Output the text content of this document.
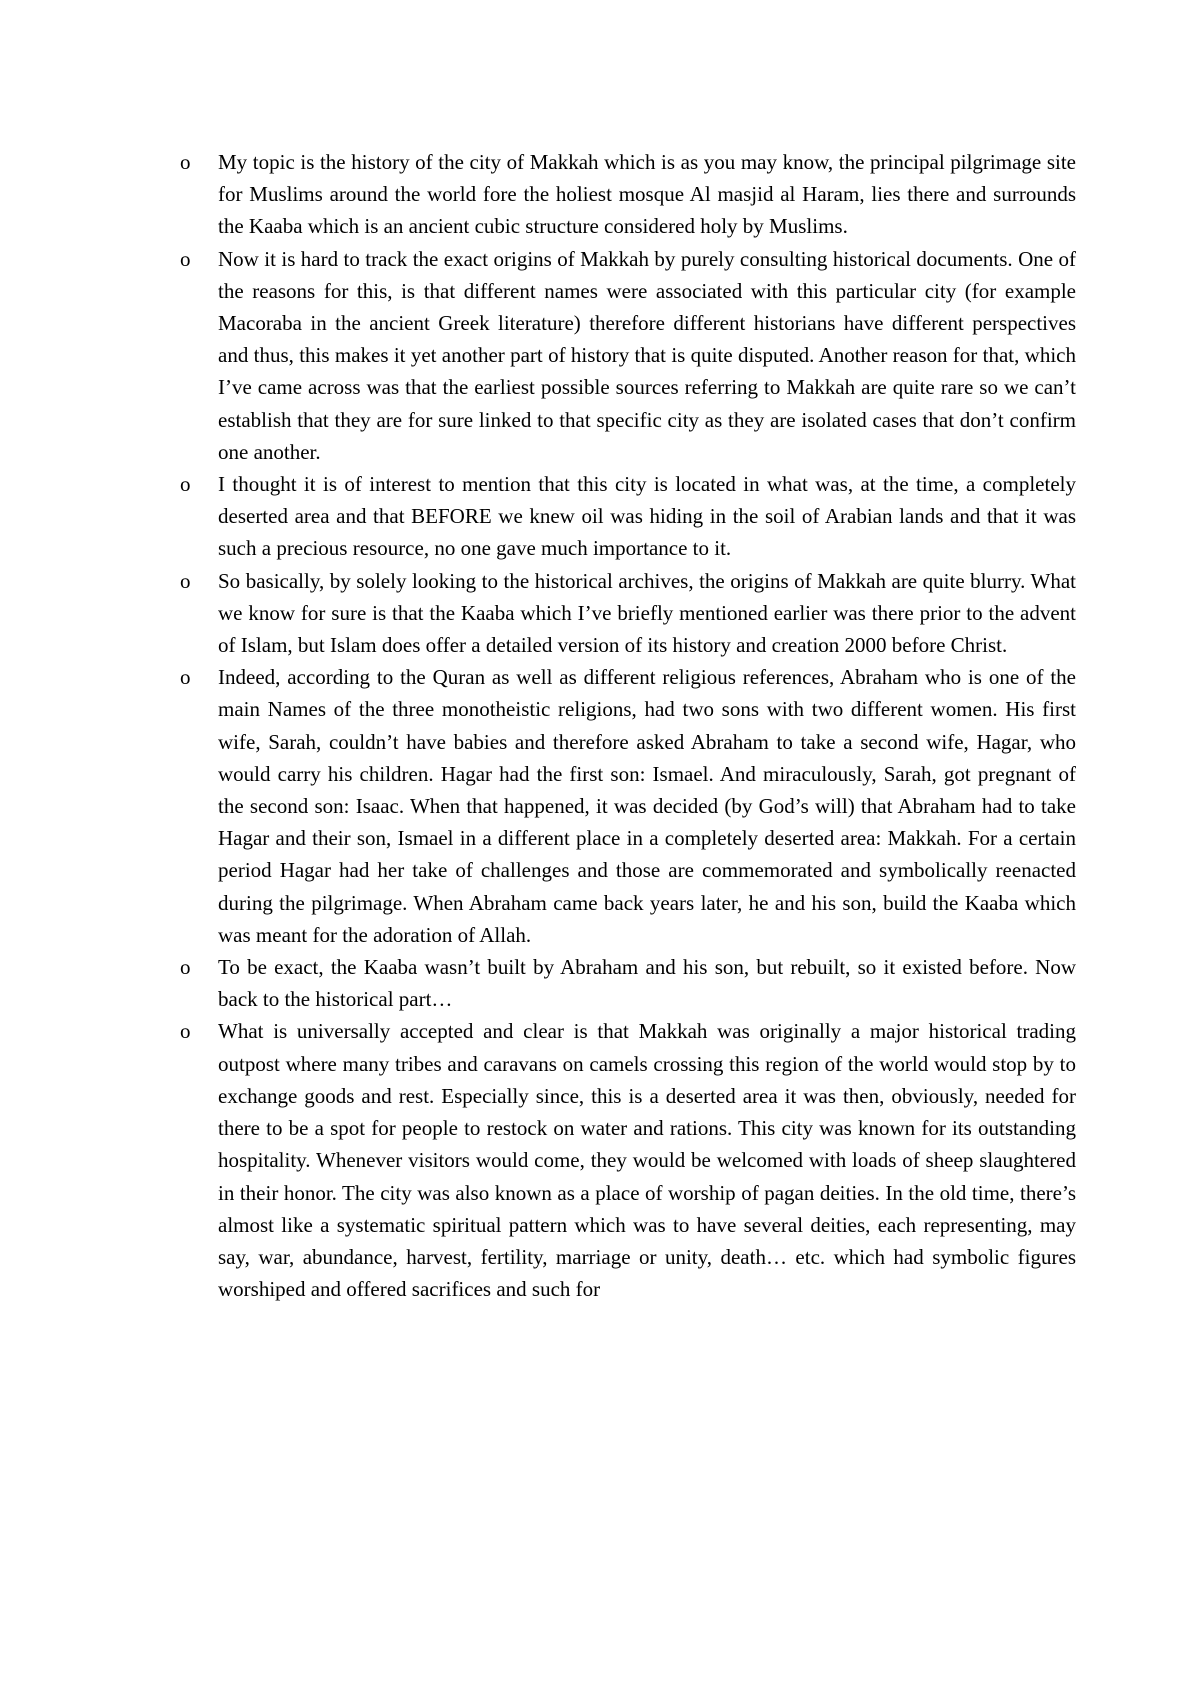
o My topic is the history of the city of Makkah which is as you may know, the principal pilgrimage site for Muslims around the world fore the holiest mosque Al masjid al Haram, lies there and surrounds the Kaaba which is an ancient cubic structure considered holy by Muslims.
o Now it is hard to track the exact origins of Makkah by purely consulting historical documents. One of the reasons for this, is that different names were associated with this particular city (for example Macoraba in the ancient Greek literature) therefore different historians have different perspectives and thus, this makes it yet another part of history that is quite disputed. Another reason for that, which I’ve came across was that the earliest possible sources referring to Makkah are quite rare so we can’t establish that they are for sure linked to that specific city as they are isolated cases that don’t confirm one another.
o I thought it is of interest to mention that this city is located in what was, at the time, a completely deserted area and that BEFORE we knew oil was hiding in the soil of Arabian lands and that it was such a precious resource, no one gave much importance to it.
o So basically, by solely looking to the historical archives, the origins of Makkah are quite blurry. What we know for sure is that the Kaaba which I’ve briefly mentioned earlier was there prior to the advent of Islam, but Islam does offer a detailed version of its history and creation 2000 before Christ.
o Indeed, according to the Quran as well as different religious references, Abraham who is one of the main Names of the three monotheistic religions, had two sons with two different women. His first wife, Sarah, couldn’t have babies and therefore asked Abraham to take a second wife, Hagar, who would carry his children. Hagar had the first son: Ismael. And miraculously, Sarah, got pregnant of the second son: Isaac. When that happened, it was decided (by God’s will) that Abraham had to take Hagar and their son, Ismael in a different place in a completely deserted area: Makkah. For a certain period Hagar had her take of challenges and those are commemorated and symbolically reenacted during the pilgrimage. When Abraham came back years later, he and his son, build the Kaaba which was meant for the adoration of Allah.
o To be exact, the Kaaba wasn’t built by Abraham and his son, but rebuilt, so it existed before. Now back to the historical part…
o What is universally accepted and clear is that Makkah was originally a major historical trading outpost where many tribes and caravans on camels crossing this region of the world would stop by to exchange goods and rest. Especially since, this is a deserted area it was then, obviously, needed for there to be a spot for people to restock on water and rations. This city was known for its outstanding hospitality. Whenever visitors would come, they would be welcomed with loads of sheep slaughtered in their honor. The city was also known as a place of worship of pagan deities. In the old time, there’s almost like a systematic spiritual pattern which was to have several deities, each representing, may say, war, abundance, harvest, fertility, marriage or unity, death… etc. which had symbolic figures worshiped and offered sacrifices and such for
